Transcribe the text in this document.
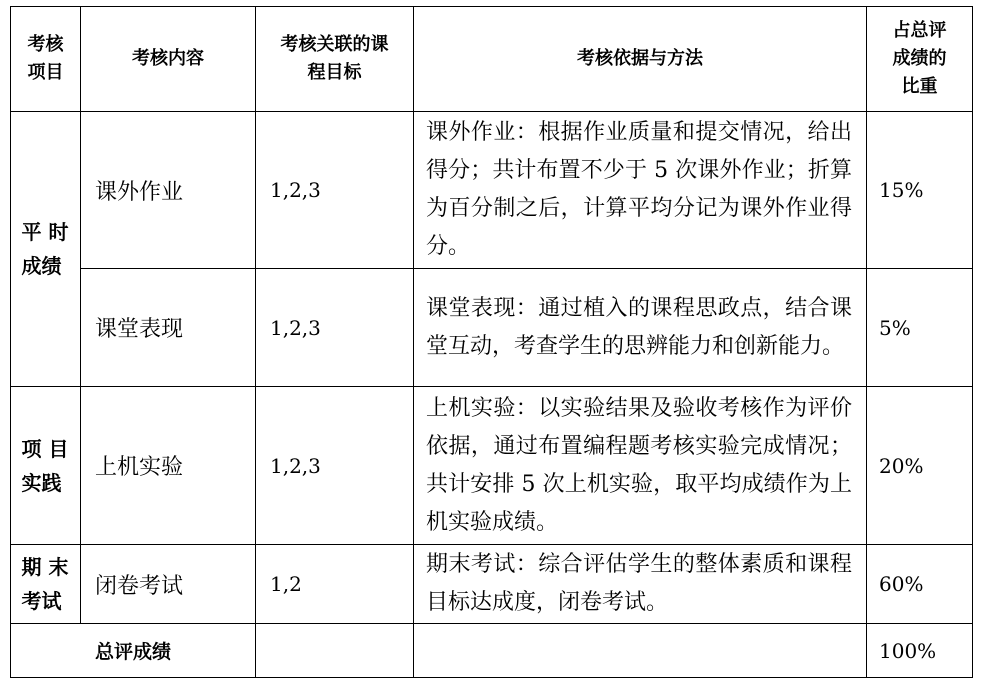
考核项目	考核内容	考核关联的课程目标	考核依据与方法	占总评成绩的比重
平 时成绩	课外作业	1,2,3	课外作业：根据作业质量和提交情况，给出得分；共计布置不少于 5 次课外作业；折算为百分制之后，计算平均分记为课外作业得分。	15%
	课堂表现	1,2,3	课堂表现：通过植入的课程思政点，结合课堂互动，考查学生的思辨能力和创新能力。	5%
项 目实践	上机实验	1,2,3	上机实验：以实验结果及验收考核作为评价依据，通过布置编程题考核实验完成情况；共计安排 5 次上机实验，取平均成绩作为上机实验成绩。	20%
期 末考试	闭卷考试	1,2	期末考试：综合评估学生的整体素质和课程目标达成度，闭卷考试。	60%
总评成绩				100%
